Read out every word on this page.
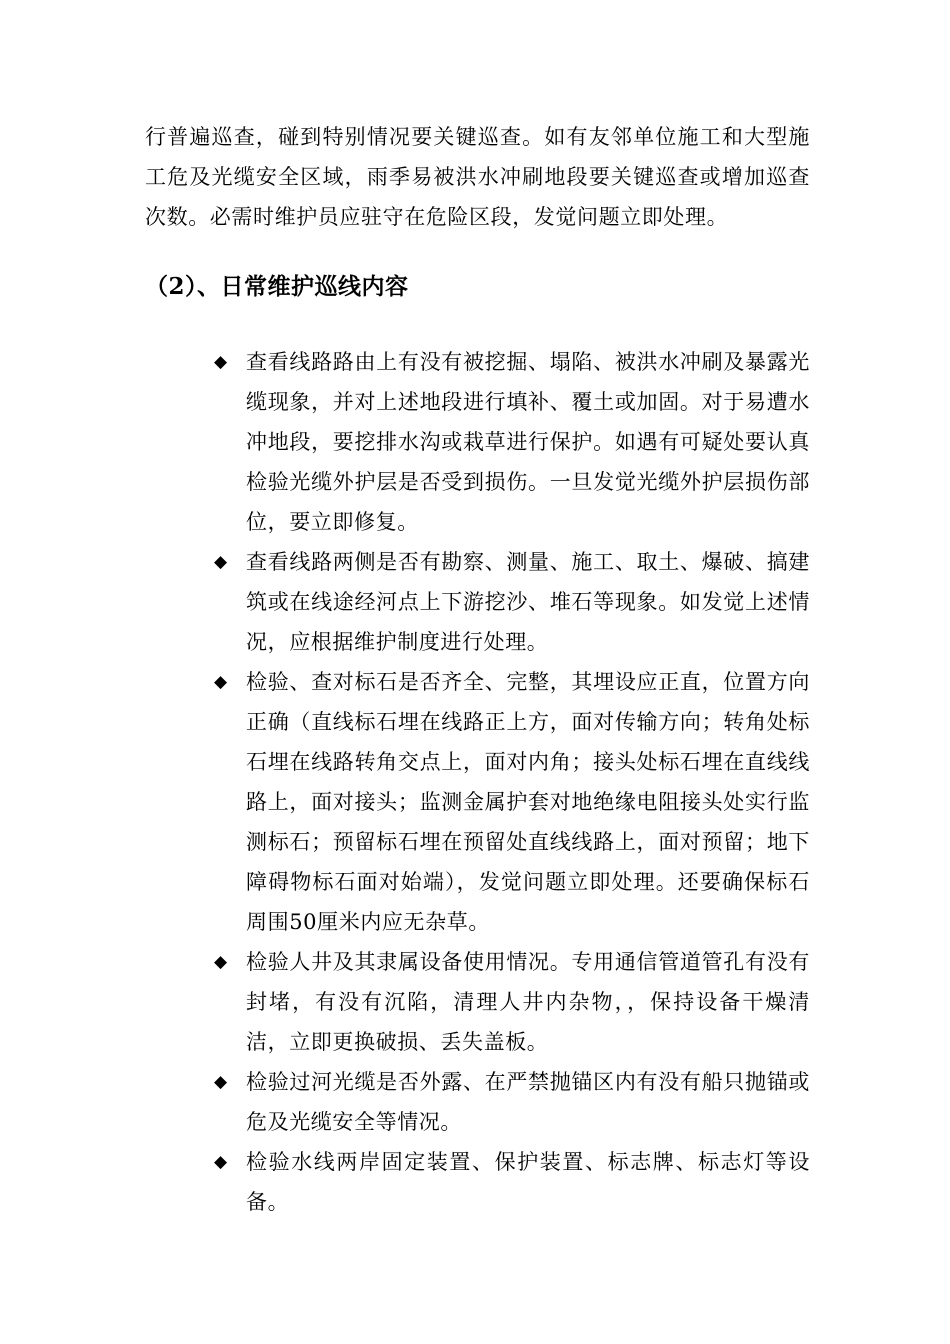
行普遍巡查，碰到特别情况要关键巡查。如有友邻单位施工和大型施工危及光缆安全区域，雨季易被洪水冲刷地段要关键巡查或增加巡查次数。必需时维护员应驻守在危险区段，发觉问题立即处理。

（2）、日常维护巡线内容
◆ 查看线路路由上有没有被挖掘、塌陷、被洪水冲刷及暴露光缆现象，并对上述地段进行填补、覆土或加固。对于易遭水冲地段，要挖排水沟或栽草进行保护。如遇有可疑处要认真检验光缆外护层是否受到损伤。一旦发觉光缆外护层损伤部位，要立即修复。
◆ 查看线路两侧是否有勘察、测量、施工、取土、爆破、搞建筑或在线途经河点上下游挖沙、堆石等现象。如发觉上述情况，应根据维护制度进行处理。
◆ 检验、查对标石是否齐全、完整，其埋设应正直，位置方向正确（直线标石埋在线路正上方，面对传输方向；转角处标石埋在线路转角交点上，面对内角；接头处标石埋在直线线路上，面对接头；监测金属护套对地绝缘电阻接头处实行监测标石；预留标石埋在预留处直线线路上，面对预留；地下障碍物标石面对始端），发觉问题立即处理。还要确保标石周围50厘米内应无杂草。
◆ 检验人井及其隶属设备使用情况。专用通信管道管孔有没有封堵，有没有沉陷，清理人井内杂物，，保持设备干燥清洁，立即更换破损、丢失盖板。
◆ 检验过河光缆是否外露、在严禁抛锚区内有没有船只抛锚或危及光缆安全等情况。
◆ 检验水线两岸固定装置、保护装置、标志牌、标志灯等设备。
